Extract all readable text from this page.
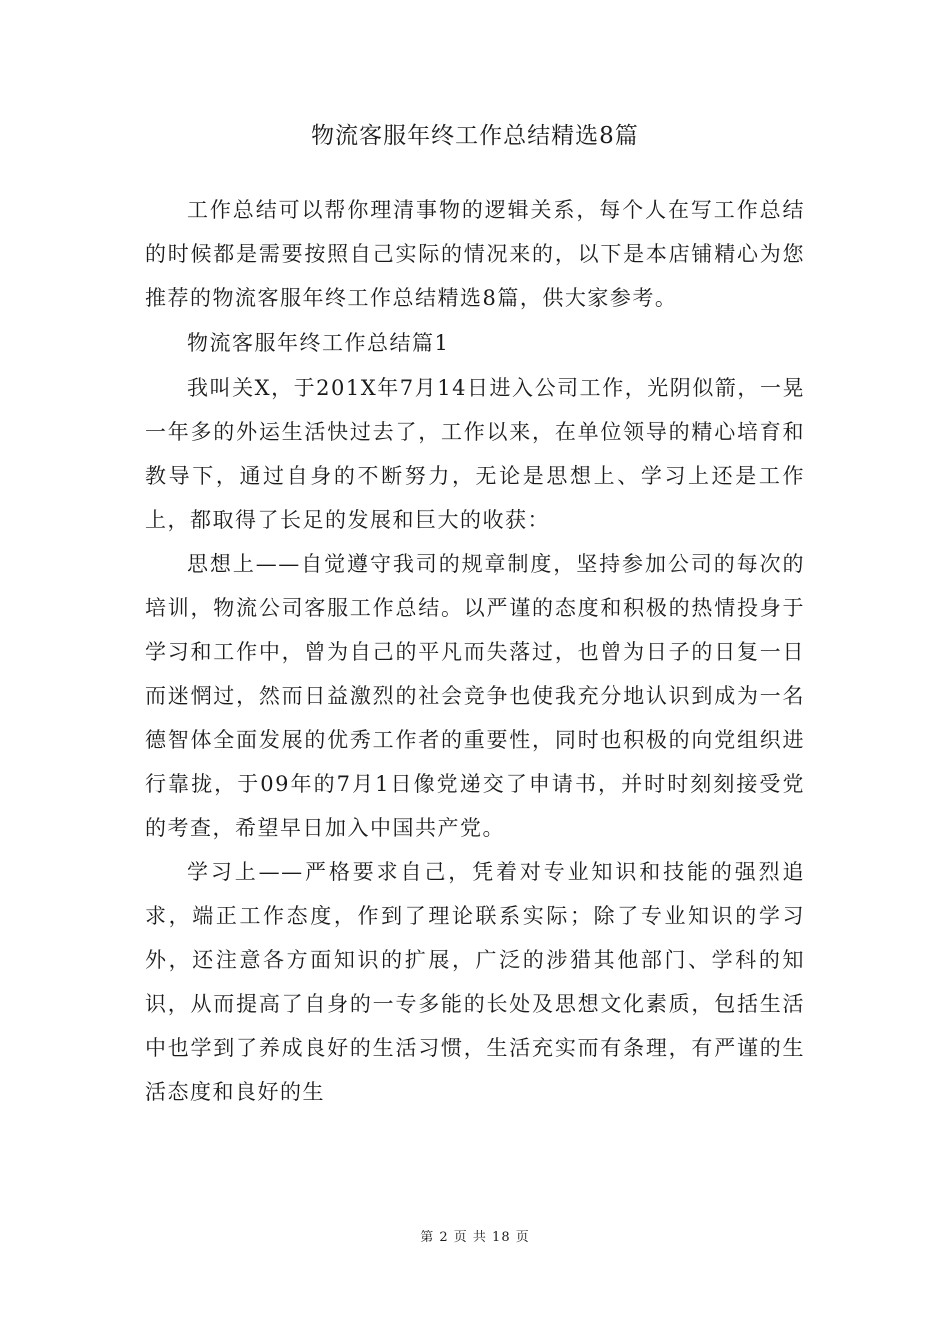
物流客服年终工作总结精选8篇

工作总结可以帮你理清事物的逻辑关系，每个人在写工作总结的时候都是需要按照自己实际的情况来的，以下是本店铺精心为您推荐的物流客服年终工作总结精选8篇，供大家参考。

物流客服年终工作总结篇1

我叫关X，于201X年7月14日进入公司工作，光阴似箭，一晃一年多的外运生活快过去了，工作以来，在单位领导的精心培育和教导下，通过自身的不断努力，无论是思想上、学习上还是工作上，都取得了长足的发展和巨大的收获：

思想上——自觉遵守我司的规章制度，坚持参加公司的每次的培训，物流公司客服工作总结。以严谨的态度和积极的热情投身于学习和工作中，曾为自己的平凡而失落过，也曾为日子的日复一日而迷惘过，然而日益激烈的社会竞争也使我充分地认识到成为一名德智体全面发展的优秀工作者的重要性，同时也积极的向党组织进行靠拢，于09年的7月1日像党递交了申请书，并时时刻刻接受党的考查，希望早日加入中国共产党。

学习上——严格要求自己，凭着对专业知识和技能的强烈追求，端正工作态度，作到了理论联系实际；除了专业知识的学习外，还注意各方面知识的扩展，广泛的涉猎其他部门、学科的知识，从而提高了自身的一专多能的长处及思想文化素质，包括生活中也学到了养成良好的生活习惯，生活充实而有条理，有严谨的生活态度和良好的生

第 2 页 共 18 页
